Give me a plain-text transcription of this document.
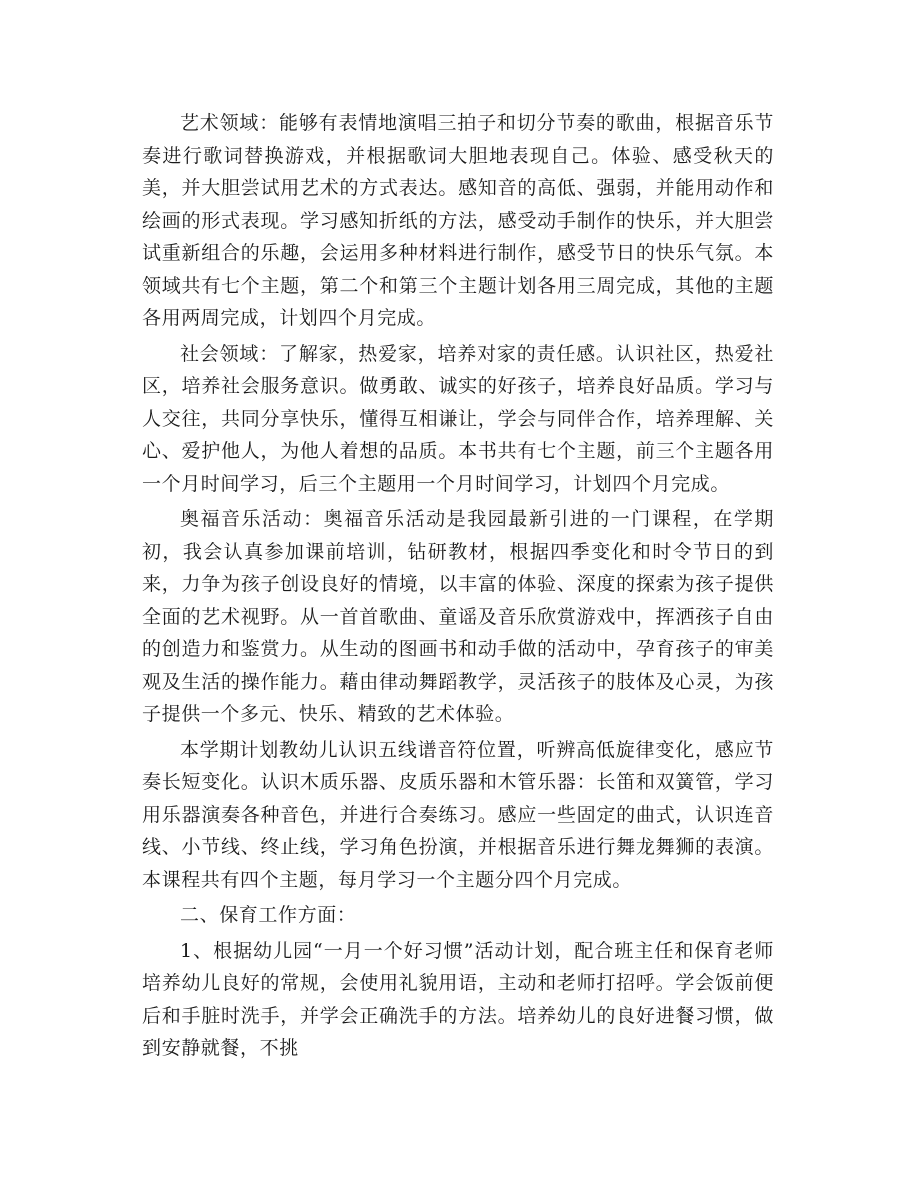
艺术领域：能够有表情地演唱三拍子和切分节奏的歌曲，根据音乐节奏进行歌词替换游戏，并根据歌词大胆地表现自己。体验、感受秋天的美，并大胆尝试用艺术的方式表达。感知音的高低、强弱，并能用动作和绘画的形式表现。学习感知折纸的方法，感受动手制作的快乐，并大胆尝试重新组合的乐趣，会运用多种材料进行制作，感受节日的快乐气氛。本领域共有七个主题，第二个和第三个主题计划各用三周完成，其他的主题各用两周完成，计划四个月完成。

社会领域：了解家，热爱家，培养对家的责任感。认识社区，热爱社区，培养社会服务意识。做勇敢、诚实的好孩子，培养良好品质。学习与人交往，共同分享快乐，懂得互相谦让，学会与同伴合作，培养理解、关心、爱护他人，为他人着想的品质。本书共有七个主题，前三个主题各用一个月时间学习，后三个主题用一个月时间学习，计划四个月完成。

奥福音乐活动：奥福音乐活动是我园最新引进的一门课程，在学期初，我会认真参加课前培训，钻研教材，根据四季变化和时令节日的到来，力争为孩子创设良好的情境，以丰富的体验、深度的探索为孩子提供全面的艺术视野。从一首首歌曲、童谣及音乐欣赏游戏中，挥洒孩子自由的创造力和鉴赏力。从生动的图画书和动手做的活动中，孕育孩子的审美观及生活的操作能力。藉由律动舞蹈教学，灵活孩子的肢体及心灵，为孩子提供一个多元、快乐、精致的艺术体验。

本学期计划教幼儿认识五线谱音符位置，听辨高低旋律变化，感应节奏长短变化。认识木质乐器、皮质乐器和木管乐器：长笛和双簧管，学习用乐器演奏各种音色，并进行合奏练习。感应一些固定的曲式，认识连音线、小节线、终止线，学习角色扮演，并根据音乐进行舞龙舞狮的表演。本课程共有四个主题，每月学习一个主题分四个月完成。

二、保育工作方面：

1、根据幼儿园“一月一个好习惯”活动计划，配合班主任和保育老师培养幼儿良好的常规，会使用礼貌用语，主动和老师打招呼。学会饭前便后和手脏时洗手，并学会正确洗手的方法。培养幼儿的良好进餐习惯，做到安静就餐，不挑
